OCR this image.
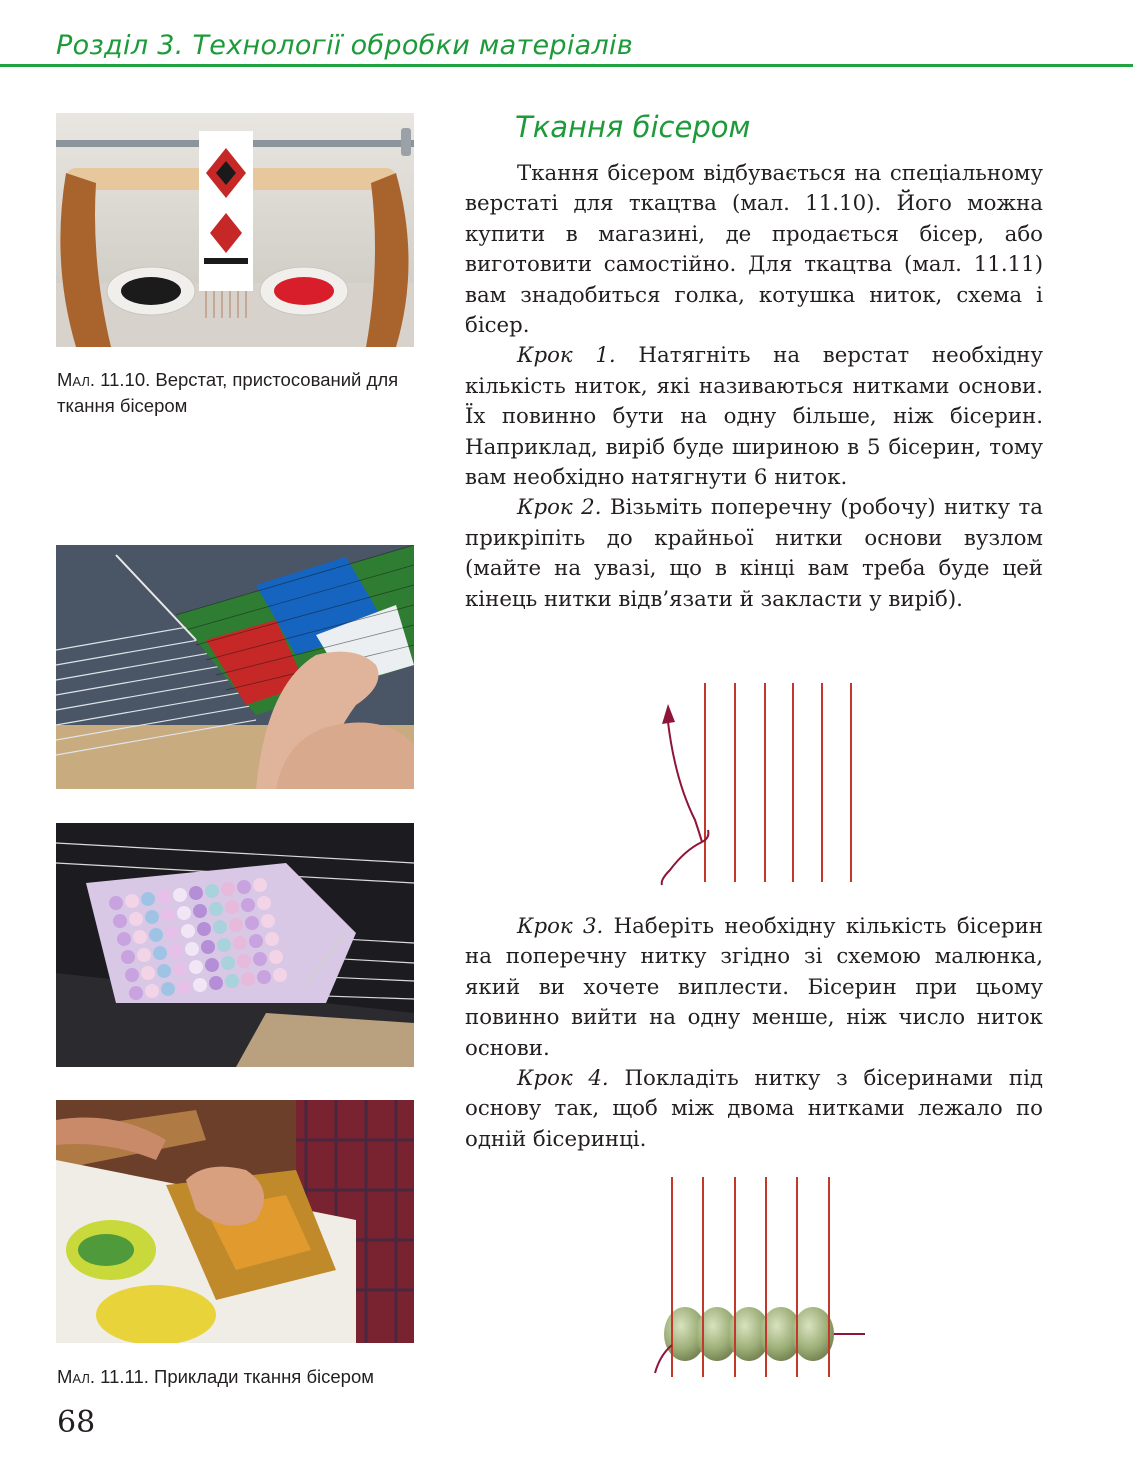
Розділ 3. Технології обробки матеріалів
Мал. 11.10. Верстат, пристосований для ткання бісером
Мал. 11.11. Приклади ткання бісером
Ткання бісером

Ткання бісером відбувається на спеціальному верстаті для ткацтва (мал. 11.10). Його можна купити в магазині, де продається бісер, або виготовити самостійно. Для ткацтва (мал. 11.11) вам знадобиться голка, котушка ниток, схема і бісер.

Крок 1. Натягніть на верстат необхідну кількість ниток, які називаються нитками основи. Їх повинно бути на одну більше, ніж бісерин. Наприклад, виріб буде шириною в 5 бісерин, тому вам необхідно натягнути 6 ниток.

Крок 2. Візьміть поперечну (робочу) нитку та прикріпіть до крайньої нитки основи вузлом (майте на увазі, що в кінці вам треба буде цей кінець нитки відв’язати й закласти у виріб).

Крок 3. Наберіть необхідну кількість бісерин на поперечну нитку згідно зі схемою малюнка, який ви хочете виплести. Бісерин при цьому повинно вийти на одну менше, ніж число ниток основи.

Крок 4. Покладіть нитку з бісеринами під основу так, щоб між двома нитками лежало по одній бісеринці.

68
